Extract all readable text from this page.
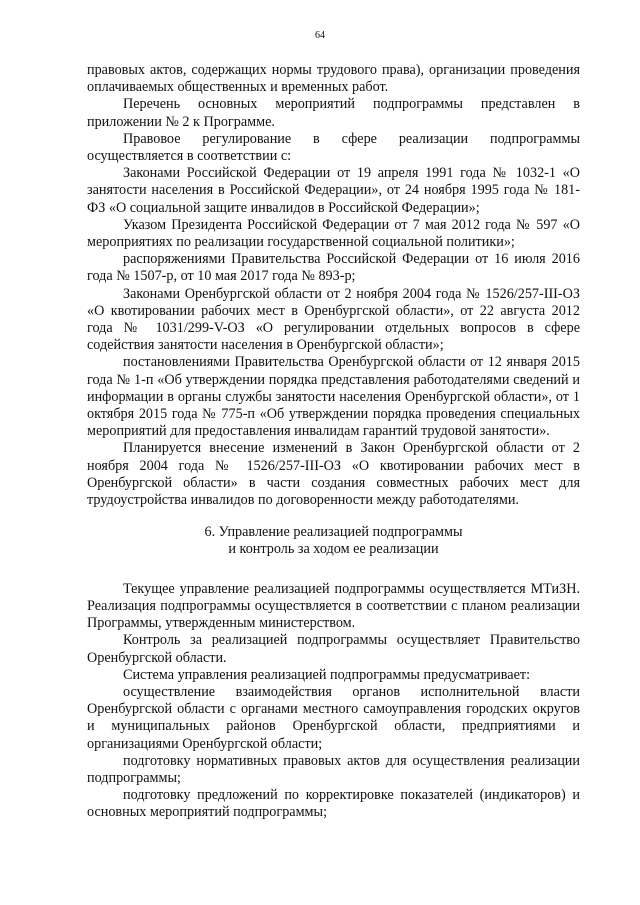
64

правовых актов, содержащих нормы трудового права), организации проведения оплачиваемых общественных и временных работ.

Перечень основных мероприятий подпрограммы представлен в приложении № 2 к Программе.

Правовое регулирование в сфере реализации подпрограммы осуществляется в соответствии с:

Законами Российской Федерации от 19 апреля 1991 года № 1032-1 «О занятости населения в Российской Федерации», от 24 ноября 1995 года № 181-ФЗ «О социальной защите инвалидов в Российской Федерации»;

Указом Президента Российской Федерации от 7 мая 2012 года № 597 «О мероприятиях по реализации государственной социальной политики»;

распоряжениями Правительства Российской Федерации от 16 июля 2016 года № 1507-р, от 10 мая 2017 года № 893-р;

Законами Оренбургской области от 2 ноября 2004 года № 1526/257-III-ОЗ «О квотировании рабочих мест в Оренбургской области», от 22 августа 2012 года № 1031/299-V-ОЗ «О регулировании отдельных вопросов в сфере содействия занятости населения в Оренбургской области»;

постановлениями Правительства Оренбургской области от 12 января 2015 года № 1-п «Об утверждении порядка представления работодателями сведений и информации в органы службы занятости населения Оренбургской области», от 1 октября 2015 года № 775-п «Об утверждении порядка проведения специальных мероприятий для предоставления инвалидам гарантий трудовой занятости».

Планируется внесение изменений в Закон Оренбургской области от 2 ноября 2004 года № 1526/257-III-ОЗ «О квотировании рабочих мест в Оренбургской области» в части создания совместных рабочих мест для трудоустройства инвалидов по договоренности между работодателями.

6. Управление реализацией подпрограммы
и контроль за ходом ее реализации

Текущее управление реализацией подпрограммы осуществляется МТиЗН. Реализация подпрограммы осуществляется в соответствии с планом реализации Программы, утвержденным министерством.

Контроль за реализацией подпрограммы осуществляет Правительство Оренбургской области.

Система управления реализацией подпрограммы предусматривает:

осуществление взаимодействия органов исполнительной власти Оренбургской области с органами местного самоуправления городских округов и муниципальных районов Оренбургской области, предприятиями и организациями Оренбургской области;

подготовку нормативных правовых актов для осуществления реализации подпрограммы;

подготовку предложений по корректировке показателей (индикаторов) и основных мероприятий подпрограммы;
